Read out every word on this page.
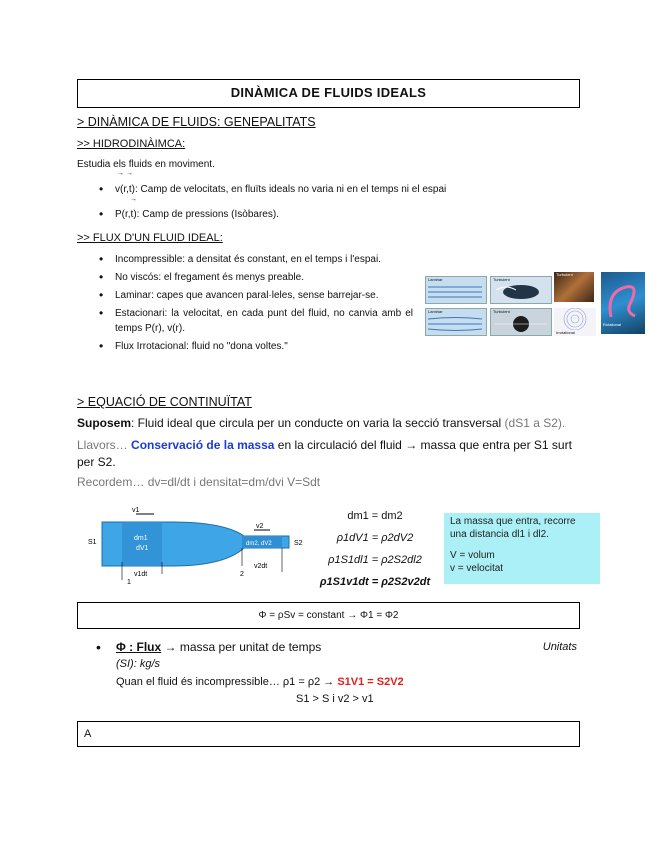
DINÀMICA DE FLUIDS IDEALS
> DINÀMICA DE FLUIDS: GENEPALITATS
>> HIDRODINÀIMCA:
Estudia els fluids en moviment.
→ →
• v(r,t): Camp de velocitats, en fluïts ideals no varia ni en el temps ni el espai
• P(r,t): Camp de pressions (Isòbares).
→
>> FLUX D'UN FLUID IDEAL:
• Incompressible: a densitat és constant, en el temps i l'espai.
• No viscós: el fregament és menys preable.
• Laminar: capes que avancen paral·leles, sense barrejar-se.
• Estacionari: la velocitat, en cada punt del fluid, no canvia amb el temps P(r), v(r).
• Flux Irrotacional: fluid no "dona voltes."
Laminar
Laminar
Turbulent
Turbulent
Turbulent
Irrotational
Rotational
> EQUACIÓ DE CONTINUÏTAT
Suposem: Fluid ideal que circula per un conducte on varia la secció transversal (dS1 a S2).
Llavors… Conservació de la massa en la circulació del fluid → massa que entra per S1 surt per S2.
Recordem… dv=dl/dt i densitat=dm/dvi V=Sdt
v1
v2
S1	S2
dm1
dV1
dm2, dV2
v1dt
v2dt
1
2
dm1 = dm2
ρ1dV1 = ρ2dV2
ρ1S1dl1 = ρ2S2dl2
ρ1S1v1dt = ρ2S2v2dt
La massa que entra, recorre una distancia dl1 i dl2.
V = volum
v = velocitat
Φ = ρSv = constant → Φ1 = Φ2
•	Φ : Flux → massa per unitat de temps	Unitats
(SI): kg/s
Quan el fluid és incompressible… ρ1 = ρ2 → S1V1 = S2V2
S1 > S i v2 > v1
A
